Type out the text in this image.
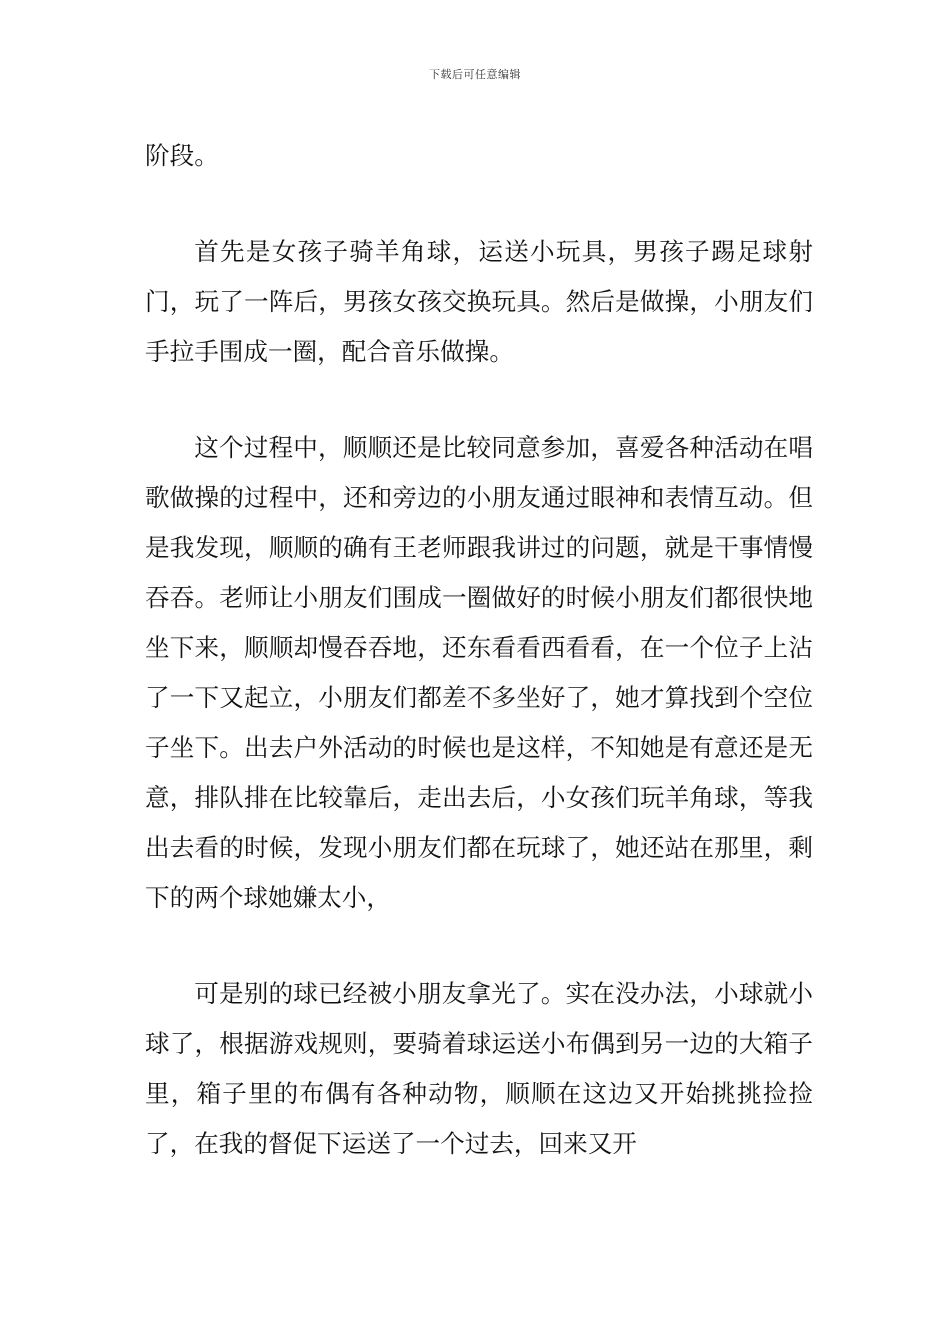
下载后可任意编辑

阶段。

首先是女孩子骑羊角球，运送小玩具，男孩子踢足球射门，玩了一阵后，男孩女孩交换玩具。然后是做操，小朋友们手拉手围成一圈，配合音乐做操。

这个过程中，顺顺还是比较同意参加，喜爱各种活动在唱歌做操的过程中，还和旁边的小朋友通过眼神和表情互动。但是我发现，顺顺的确有王老师跟我讲过的问题，就是干事情慢吞吞。老师让小朋友们围成一圈做好的时候小朋友们都很快地坐下来，顺顺却慢吞吞地，还东看看西看看，在一个位子上沾了一下又起立，小朋友们都差不多坐好了，她才算找到个空位子坐下。出去户外活动的时候也是这样，不知她是有意还是无意，排队排在比较靠后，走出去后，小女孩们玩羊角球，等我出去看的时候，发现小朋友们都在玩球了，她还站在那里，剩下的两个球她嫌太小，

可是别的球已经被小朋友拿光了。实在没办法，小球就小球了，根据游戏规则，要骑着球运送小布偶到另一边的大箱子里，箱子里的布偶有各种动物，顺顺在这边又开始挑挑捡捡了，在我的督促下运送了一个过去，回来又开
